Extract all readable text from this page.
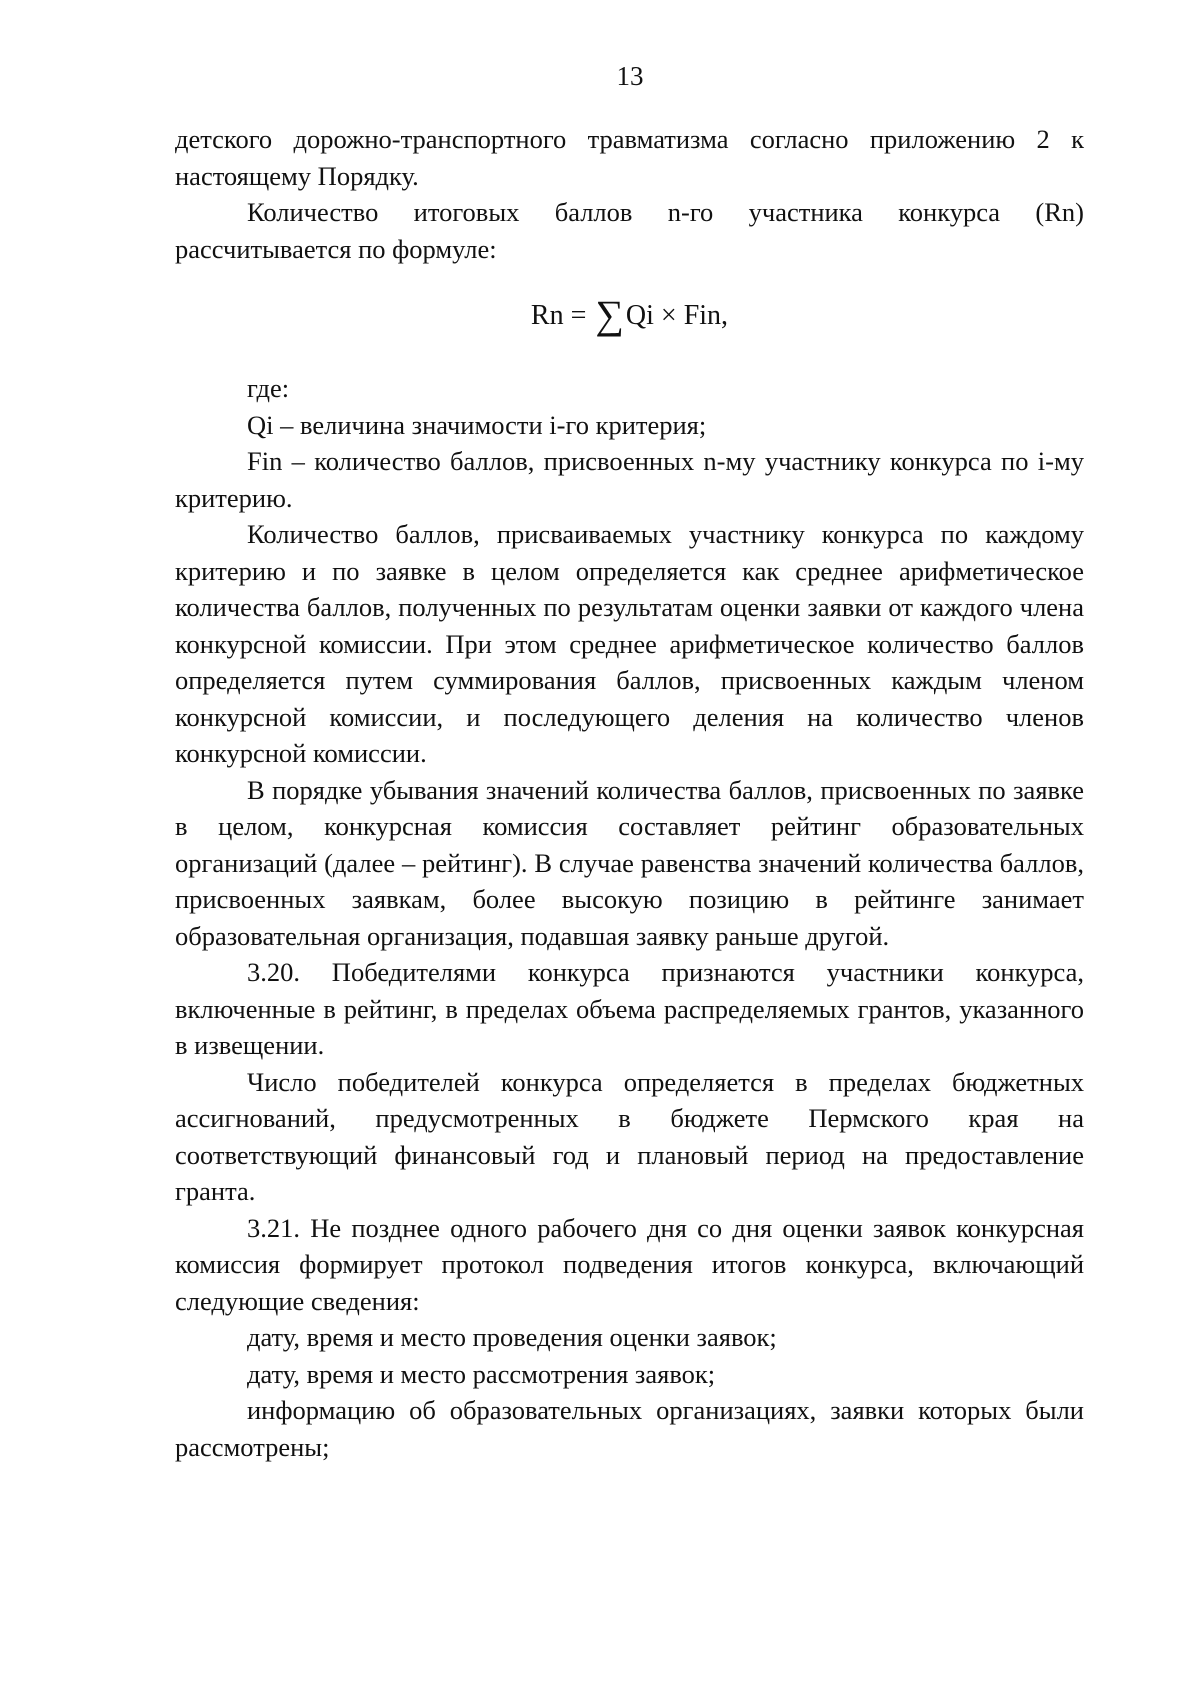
13

детского дорожно-транспортного травматизма согласно приложению 2 к настоящему Порядку.

Количество итоговых баллов n-го участника конкурса (Rn) рассчитывается по формуле:

Rn = ∑Qi × Fin,

где:

Qi – величина значимости i-го критерия;

Fin – количество баллов, присвоенных n-му участнику конкурса по i-му критерию.

Количество баллов, присваиваемых участнику конкурса по каждому критерию и по заявке в целом определяется как среднее арифметическое количества баллов, полученных по результатам оценки заявки от каждого члена конкурсной комиссии. При этом среднее арифметическое количество баллов определяется путем суммирования баллов, присвоенных каждым членом конкурсной комиссии, и последующего деления на количество членов конкурсной комиссии.

В порядке убывания значений количества баллов, присвоенных по заявке в целом, конкурсная комиссия составляет рейтинг образовательных организаций (далее – рейтинг). В случае равенства значений количества баллов, присвоенных заявкам, более высокую позицию в рейтинге занимает образовательная организация, подавшая заявку раньше другой.

3.20. Победителями конкурса признаются участники конкурса, включенные в рейтинг, в пределах объема распределяемых грантов, указанного в извещении.

Число победителей конкурса определяется в пределах бюджетных ассигнований, предусмотренных в бюджете Пермского края на соответствующий финансовый год и плановый период на предоставление гранта.

3.21. Не позднее одного рабочего дня со дня оценки заявок конкурсная комиссия формирует протокол подведения итогов конкурса, включающий следующие сведения:

дату, время и место проведения оценки заявок;

дату, время и место рассмотрения заявок;

информацию об образовательных организациях, заявки которых были рассмотрены;
